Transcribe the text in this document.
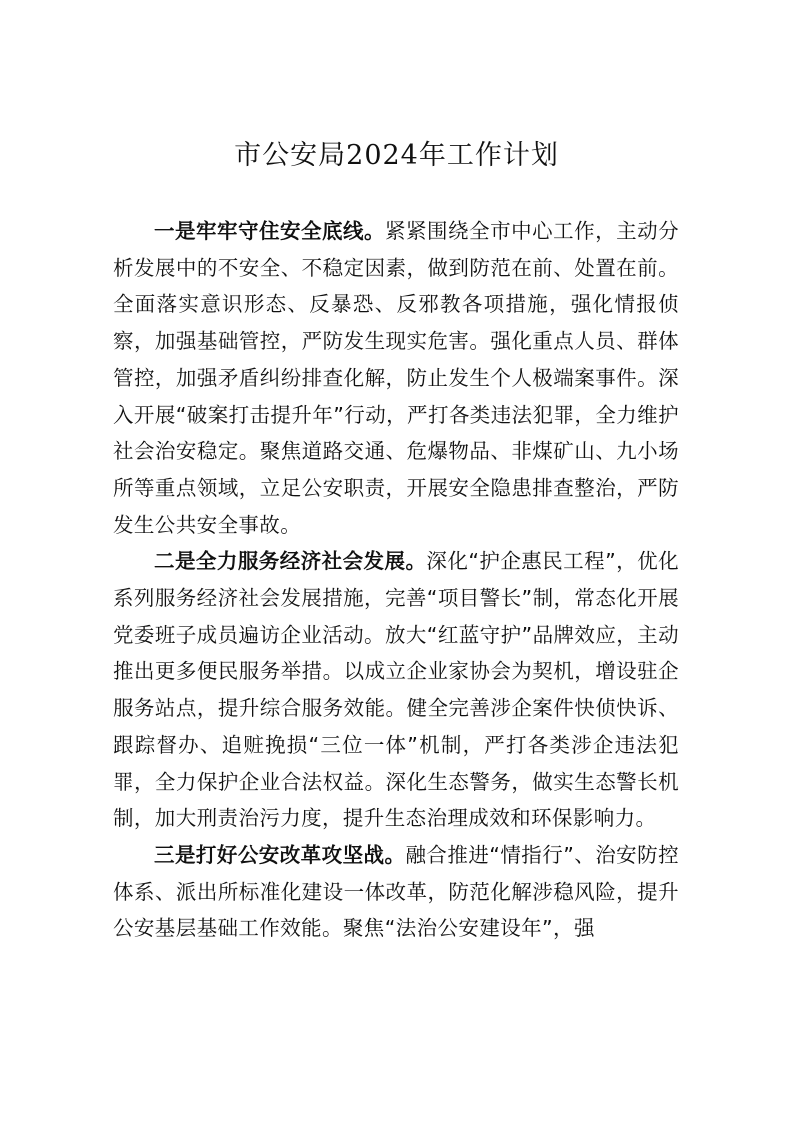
市公安局2024年工作计划

一是牢牢守住安全底线。紧紧围绕全市中心工作，主动分析发展中的不安全、不稳定因素，做到防范在前、处置在前。全面落实意识形态、反暴恐、反邪教各项措施，强化情报侦察，加强基础管控，严防发生现实危害。强化重点人员、群体管控，加强矛盾纠纷排查化解，防止发生个人极端案事件。深入开展“破案打击提升年”行动，严打各类违法犯罪，全力维护社会治安稳定。聚焦道路交通、危爆物品、非煤矿山、九小场所等重点领域，立足公安职责，开展安全隐患排查整治，严防发生公共安全事故。

二是全力服务经济社会发展。深化“护企惠民工程”，优化系列服务经济社会发展措施，完善“项目警长”制，常态化开展党委班子成员遍访企业活动。放大“红蓝守护”品牌效应，主动推出更多便民服务举措。以成立企业家协会为契机，增设驻企服务站点，提升综合服务效能。健全完善涉企案件快侦快诉、跟踪督办、追赃挽损“三位一体”机制，严打各类涉企违法犯罪，全力保护企业合法权益。深化生态警务，做实生态警长机制，加大刑责治污力度，提升生态治理成效和环保影响力。

三是打好公安改革攻坚战。融合推进“情指行”、治安防控体系、派出所标准化建设一体改革，防范化解涉稳风险，提升公安基层基础工作效能。聚焦“法治公安建设年”，强
